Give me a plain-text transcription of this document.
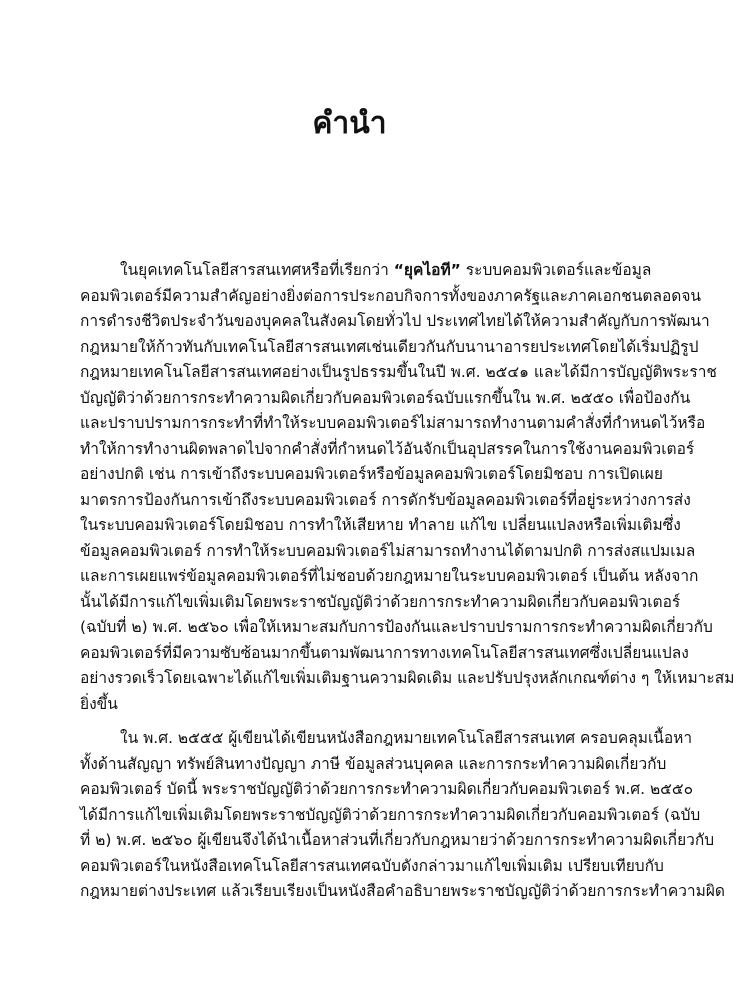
คำนำ
ในยุคเทคโนโลยีสารสนเทศหรือที่เรียกว่า “ยุคไอที” ระบบคอมพิวเตอร์และข้อมูล
คอมพิวเตอร์มีความสำคัญอย่างยิ่งต่อการประกอบกิจการทั้งของภาครัฐและภาคเอกชนตลอดจน
การดำรงชีวิตประจำวันของบุคคลในสังคมโดยทั่วไป ประเทศไทยได้ให้ความสำคัญกับการพัฒนา
กฎหมายให้ก้าวทันกับเทคโนโลยีสารสนเทศเช่นเดียวกันกับนานาอารยประเทศโดยได้เริ่มปฏิรูป
กฎหมายเทคโนโลยีสารสนเทศอย่างเป็นรูปธรรมขึ้นในปี พ.ศ. ๒๕๔๑ และได้มีการบัญญัติพระราช
บัญญัติว่าด้วยการกระทำความผิดเกี่ยวกับคอมพิวเตอร์ฉบับแรกขึ้นใน พ.ศ. ๒๕๕๐ เพื่อป้องกัน
และปราบปรามการกระทำที่ทำให้ระบบคอมพิวเตอร์ไม่สามารถทำงานตามคำสั่งที่กำหนดไว้หรือ
ทำให้การทำงานผิดพลาดไปจากคำสั่งที่กำหนดไว้อันจักเป็นอุปสรรคในการใช้งานคอมพิวเตอร์
อย่างปกติ เช่น การเข้าถึงระบบคอมพิวเตอร์หรือข้อมูลคอมพิวเตอร์โดยมิชอบ การเปิดเผย
มาตรการป้องกันการเข้าถึงระบบคอมพิวเตอร์ การดักรับข้อมูลคอมพิวเตอร์ที่อยู่ระหว่างการส่ง
ในระบบคอมพิวเตอร์โดยมิชอบ การทำให้เสียหาย ทำลาย แก้ไข เปลี่ยนแปลงหรือเพิ่มเติมซึ่ง
ข้อมูลคอมพิวเตอร์ การทำให้ระบบคอมพิวเตอร์ไม่สามารถทำงานได้ตามปกติ การส่งสแปมเมล
และการเผยแพร่ข้อมูลคอมพิวเตอร์ที่ไม่ชอบด้วยกฎหมายในระบบคอมพิวเตอร์ เป็นต้น หลังจาก
นั้นได้มีการแก้ไขเพิ่มเติมโดยพระราชบัญญัติว่าด้วยการกระทำความผิดเกี่ยวกับคอมพิวเตอร์
(ฉบับที่ ๒) พ.ศ. ๒๕๖๐ เพื่อให้เหมาะสมกับการป้องกันและปราบปรามการกระทำความผิดเกี่ยวกับ
คอมพิวเตอร์ที่มีความซับซ้อนมากขึ้นตามพัฒนาการทางเทคโนโลยีสารสนเทศซึ่งเปลี่ยนแปลง
อย่างรวดเร็วโดยเฉพาะได้แก้ไขเพิ่มเติมฐานความผิดเดิม และปรับปรุงหลักเกณฑ์ต่าง ๆ ให้เหมาะสม
ยิ่งขึ้น
ใน พ.ศ. ๒๕๕๕ ผู้เขียนได้เขียนหนังสือกฎหมายเทคโนโลยีสารสนเทศ ครอบคลุมเนื้อหา
ทั้งด้านสัญญา ทรัพย์สินทางปัญญา ภาษี ข้อมูลส่วนบุคคล และการกระทำความผิดเกี่ยวกับ
คอมพิวเตอร์ บัดนี้ พระราชบัญญัติว่าด้วยการกระทำความผิดเกี่ยวกับคอมพิวเตอร์ พ.ศ. ๒๕๕๐
ได้มีการแก้ไขเพิ่มเติมโดยพระราชบัญญัติว่าด้วยการกระทำความผิดเกี่ยวกับคอมพิวเตอร์ (ฉบับ
ที่ ๒) พ.ศ. ๒๕๖๐ ผู้เขียนจึงได้นำเนื้อหาส่วนที่เกี่ยวกับกฎหมายว่าด้วยการกระทำความผิดเกี่ยวกับ
คอมพิวเตอร์ในหนังสือเทคโนโลยีสารสนเทศฉบับดังกล่าวมาแก้ไขเพิ่มเติม เปรียบเทียบกับ
กฎหมายต่างประเทศ แล้วเรียบเรียงเป็นหนังสือคำอธิบายพระราชบัญญัติว่าด้วยการกระทำความผิด
